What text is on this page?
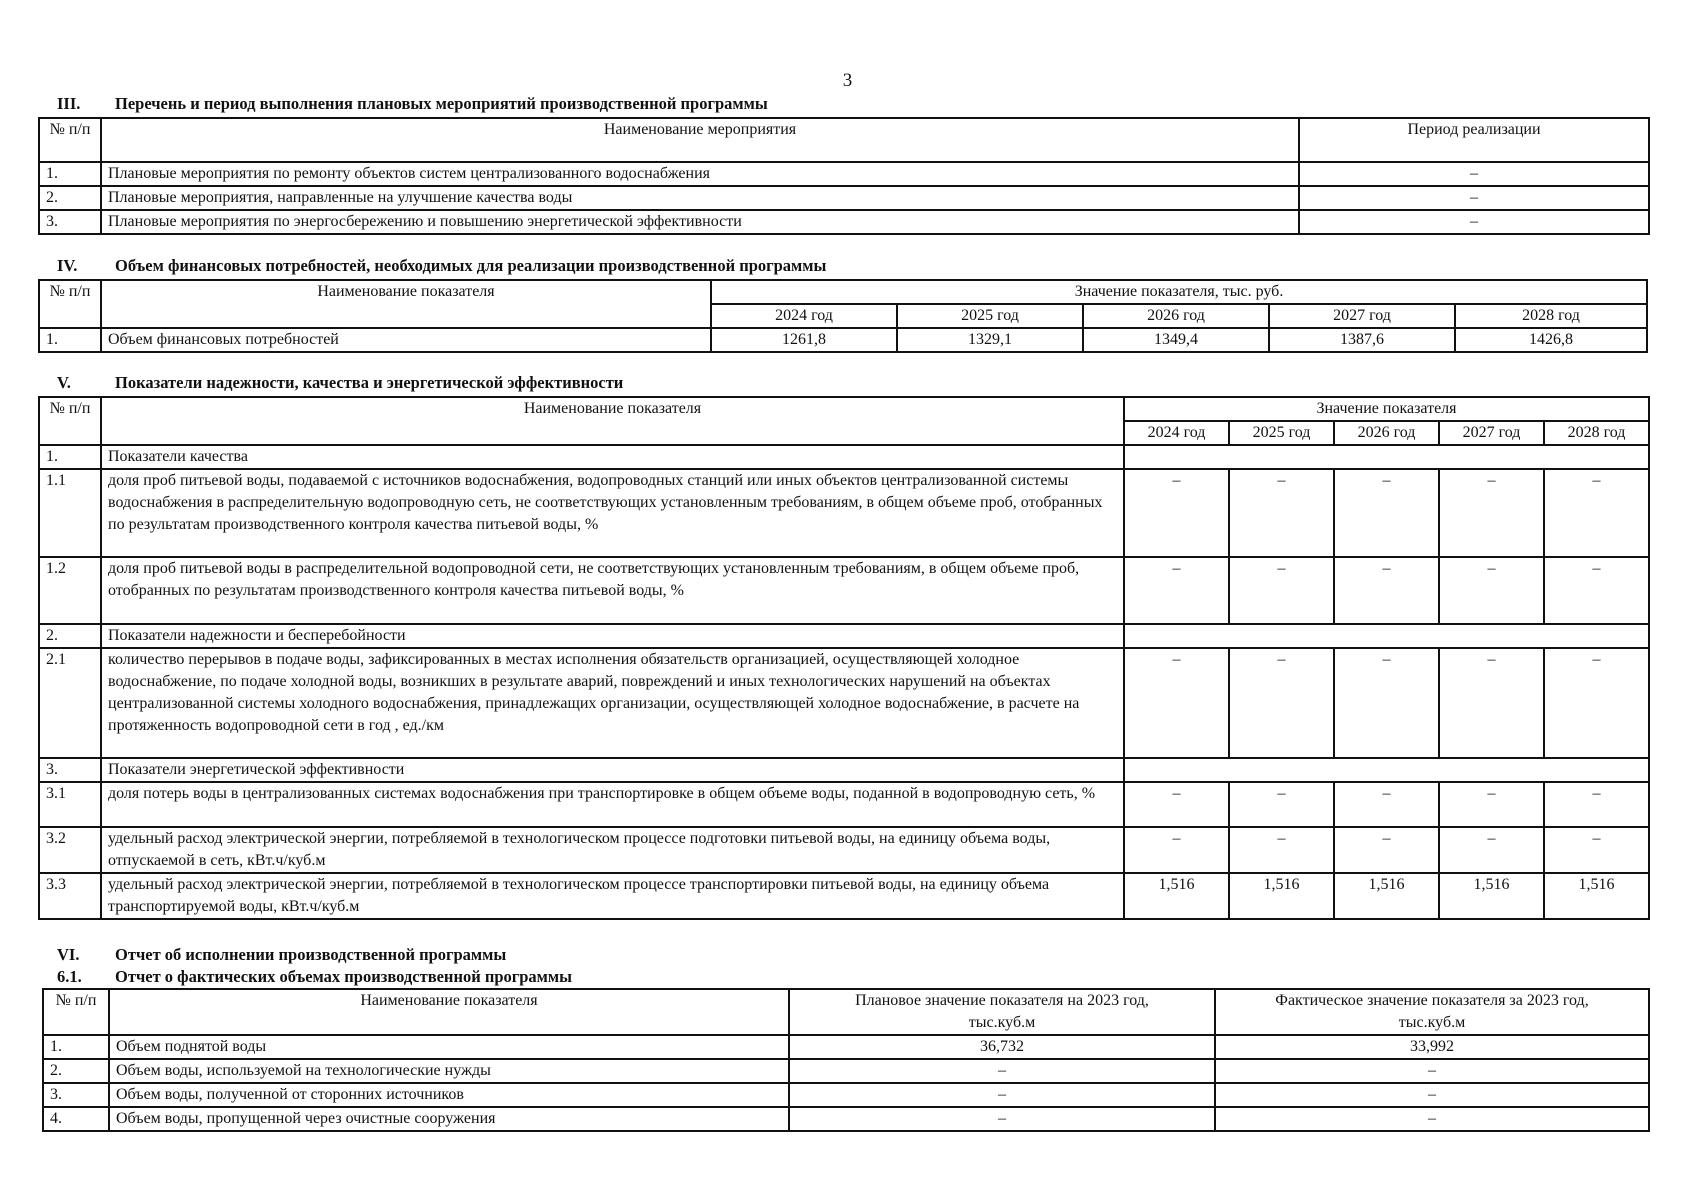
3
III. Перечень и период выполнения плановых мероприятий производственной программы
№ п/п	Наименование мероприятия	Период реализации
1.	Плановые мероприятия по ремонту объектов систем централизованного водоснабжения	–
2.	Плановые мероприятия, направленные на улучшение качества воды	–
3.	Плановые мероприятия по энергосбережению и повышению энергетической эффективности	–
IV. Объем финансовых потребностей, необходимых для реализации производственной программы
№ п/п	Наименование показателя	Значение показателя, тыс. руб.				
		2024 год	2025 год	2026 год	2027 год	2028 год
1.	Объем финансовых потребностей	1261,8	1329,1	1349,4	1387,6	1426,8
V.	Показатели надежности, качества и энергетической эффективности
№ п/п	Наименование показателя	Значение показателя				
		2024 год	2025 год	2026 год	2027 год	2028 год
1.	Показатели качества					
1.1	доля проб питьевой воды, подаваемой с источников водоснабжения, водопроводных станций или иных объектов централизованной системы водоснабжения в распределительную водопроводную сеть, не соответствующих установленным требованиям, в общем объеме проб, отобранных по результатам производственного контроля качества питьевой воды, %	–	–	–	–	–
1.2	доля проб питьевой воды в распределительной водопроводной сети, не соответствующих установленным требованиям, в общем объеме проб, отобранных по результатам производственного контроля качества питьевой воды, %	–	–	–	–	–
2.	Показатели надежности и бесперебойности					
2.1	количество перерывов в подаче воды, зафиксированных в местах исполнения обязательств организацией, осуществляющей холодное водоснабжение, по подаче холодной воды, возникших в результате аварий, повреждений и иных технологических нарушений на объектах централизованной системы холодного водоснабжения, принадлежащих организации, осуществляющей холодное водоснабжение, в расчете на протяженность водопроводной сети в год , ед./км	–	–	–	–	–
3.	Показатели энергетической эффективности					
3.1	доля потерь воды в централизованных системах водоснабжения при транспортировке в общем объеме воды, поданной в водопроводную сеть, %	–	–	–	–	–
3.2	удельный расход электрической энергии, потребляемой в технологическом процессе подготовки питьевой воды, на единицу объема воды, отпускаемой в сеть, кВт.ч/куб.м	–	–	–	–	–
3.3	удельный расход электрической энергии, потребляемой в технологическом процессе транспортировки питьевой воды, на единицу объема транспортируемой воды, кВт.ч/куб.м	1,516	1,516	1,516	1,516	1,516
VI. Отчет об исполнении производственной программы
6.1. Отчет о фактических объемах производственной программы
№ п/п	Наименование показателя	Плановое значение показателя на 2023 год, тыс.куб.м	Фактическое значение показателя за 2023 год, тыс.куб.м
1.	Объем поднятой воды	36,732	33,992
2.	Объем воды, используемой на технологические нужды	–	–
3.	Объем воды, полученной от сторонних источников	–	–
4.	Объем воды, пропущенной через очистные сооружения	–	–
